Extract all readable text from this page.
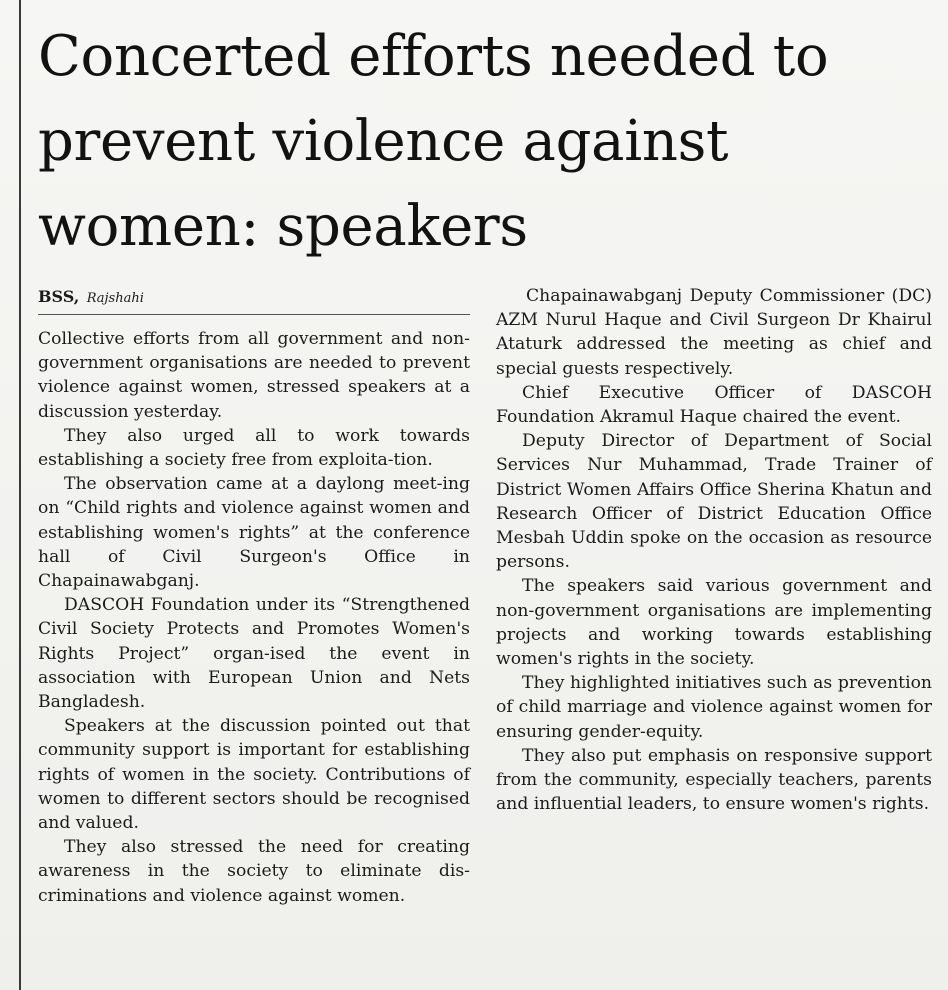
Concerted efforts needed to prevent violence against women: speakers
BSS, Rajshahi

Collective efforts from all government and non-government organisations are needed to prevent violence against women, stressed speakers at a discussion yesterday.

They also urged all to work towards establishing a society free from exploita-tion.

The observation came at a daylong meet-ing on “Child rights and violence against women and establishing women's rights” at the conference hall of Civil Surgeon's Office in Chapainawabganj.

DASCOH Foundation under its “Strengthened Civil Society Protects and Promotes Women's Rights Project” organ-ised the event in association with European Union and Nets Bangladesh.

Speakers at the discussion pointed out that community support is important for establishing rights of women in the society. Contributions of women to different sectors should be recognised and valued.

They also stressed the need for creating awareness in the society to eliminate dis-criminations and violence against women.

Chapainawabganj Deputy Commissioner (DC) AZM Nurul Haque and Civil Surgeon Dr Khairul Ataturk addressed the meeting as chief and special guests respectively.

Chief Executive Officer of DASCOH Foundation Akramul Haque chaired the event.

Deputy Director of Department of Social Services Nur Muhammad, Trade Trainer of District Women Affairs Office Sherina Khatun and Research Officer of District Education Office Mesbah Uddin spoke on the occasion as resource persons.

The speakers said various government and non-government organisations are implementing projects and working towards establishing women's rights in the society.

They highlighted initiatives such as prevention of child marriage and violence against women for ensuring gender-equity.

They also put emphasis on responsive support from the community, especially teachers, parents and influential leaders, to ensure women's rights.
